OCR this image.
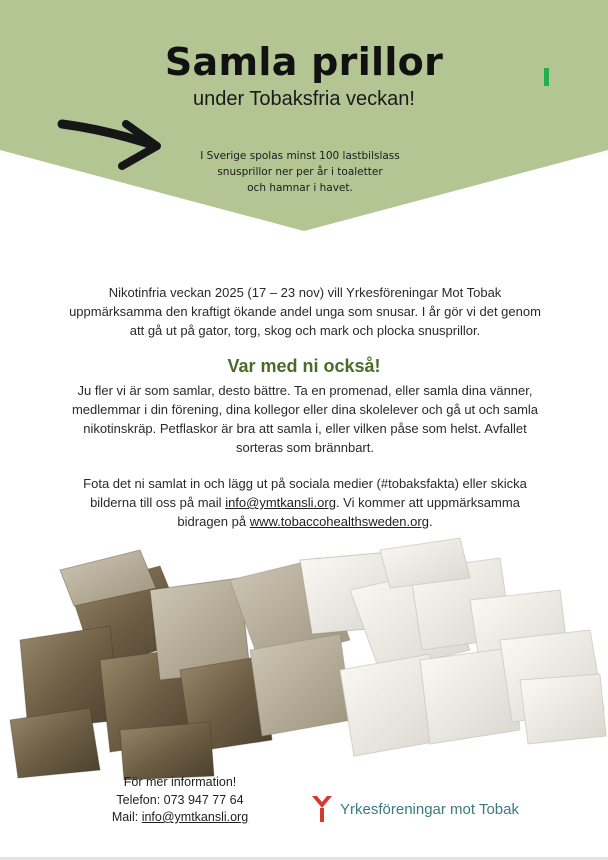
Samla prillor
under Tobaksfria veckan!
I Sverige spolas minst 100 lastbilslass
snusprillor ner per år i toaletter
och hamnar i havet.

Nikotinfria veckan 2025 (17 – 23 nov) vill Yrkesföreningar Mot Tobak

uppmärksamma den kraftigt ökande andel unga som snusar. I år gör vi det genom

att gå ut på gator, torg, skog och mark och plocka snusprillor.

Var med ni också!

Ju fler vi är som samlar, desto bättre. Ta en promenad, eller samla dina vänner,

medlemmar i din förening, dina kollegor eller dina skolelever och gå ut och samla

nikotinskräp. Petflaskor är bra att samla i, eller vilken påse som helst. Avfallet

sorteras som brännbart.

Fota det ni samlat in och lägg ut på sociala medier (#tobaksfakta) eller skicka

bilderna till oss på mail info@ymtkansli.org. Vi kommer att uppmärksamma

bidragen på www.tobaccohealthsweden.org.

För mer information!
Telefon: 073 947 77 64
Mail: info@ymtkansli.org	Yrkesföreningar mot Tobak
